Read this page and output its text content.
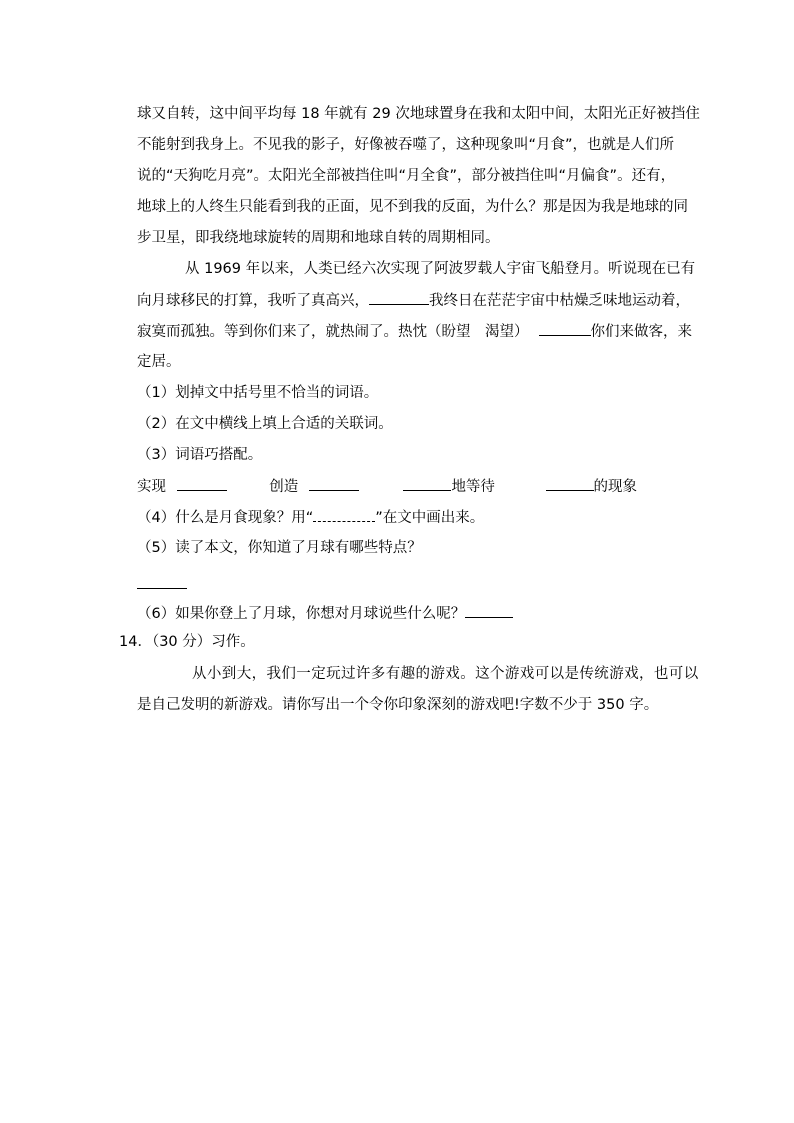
球又自转，这中间平均每 18 年就有 29 次地球置身在我和太阳中间，太阳光正好被挡住
不能射到我身上。不见我的影子，好像被吞噬了，这种现象叫“月食”，也就是人们所
说的“天狗吃月亮”。太阳光全部被挡住叫“月全食”，部分被挡住叫“月偏食”。还有，
地球上的人终生只能看到我的正面，见不到我的反面，为什么？那是因为我是地球的同
步卫星，即我绕地球旋转的周期和地球自转的周期相同。
从 1969 年以来，人类已经六次实现了阿波罗载人宇宙飞船登月。听说现在已有
向月球移民的打算，我听了真高兴，	我终日在茫茫宇宙中枯燥乏味地运动着，
寂寞而孤独。等到你们来了，就热闹了。热忱（盼望　渴望）	你们来做客，来
定居。
（1）划掉文中括号里不恰当的词语。
（2）在文中横线上填上合适的关联词。
（3）词语巧搭配。
实现	创造	地等待	的现象
（4）什么是月食现象？用“	”在文中画出来。
（5）读了本文，你知道了月球有哪些特点？
（6）如果你登上了月球，你想对月球说些什么呢？
14．（30 分）习作。
从小到大，我们一定玩过许多有趣的游戏。这个游戏可以是传统游戏，也可以
是自己发明的新游戏。请你写出一个令你印象深刻的游戏吧!字数不少于 350 字。
